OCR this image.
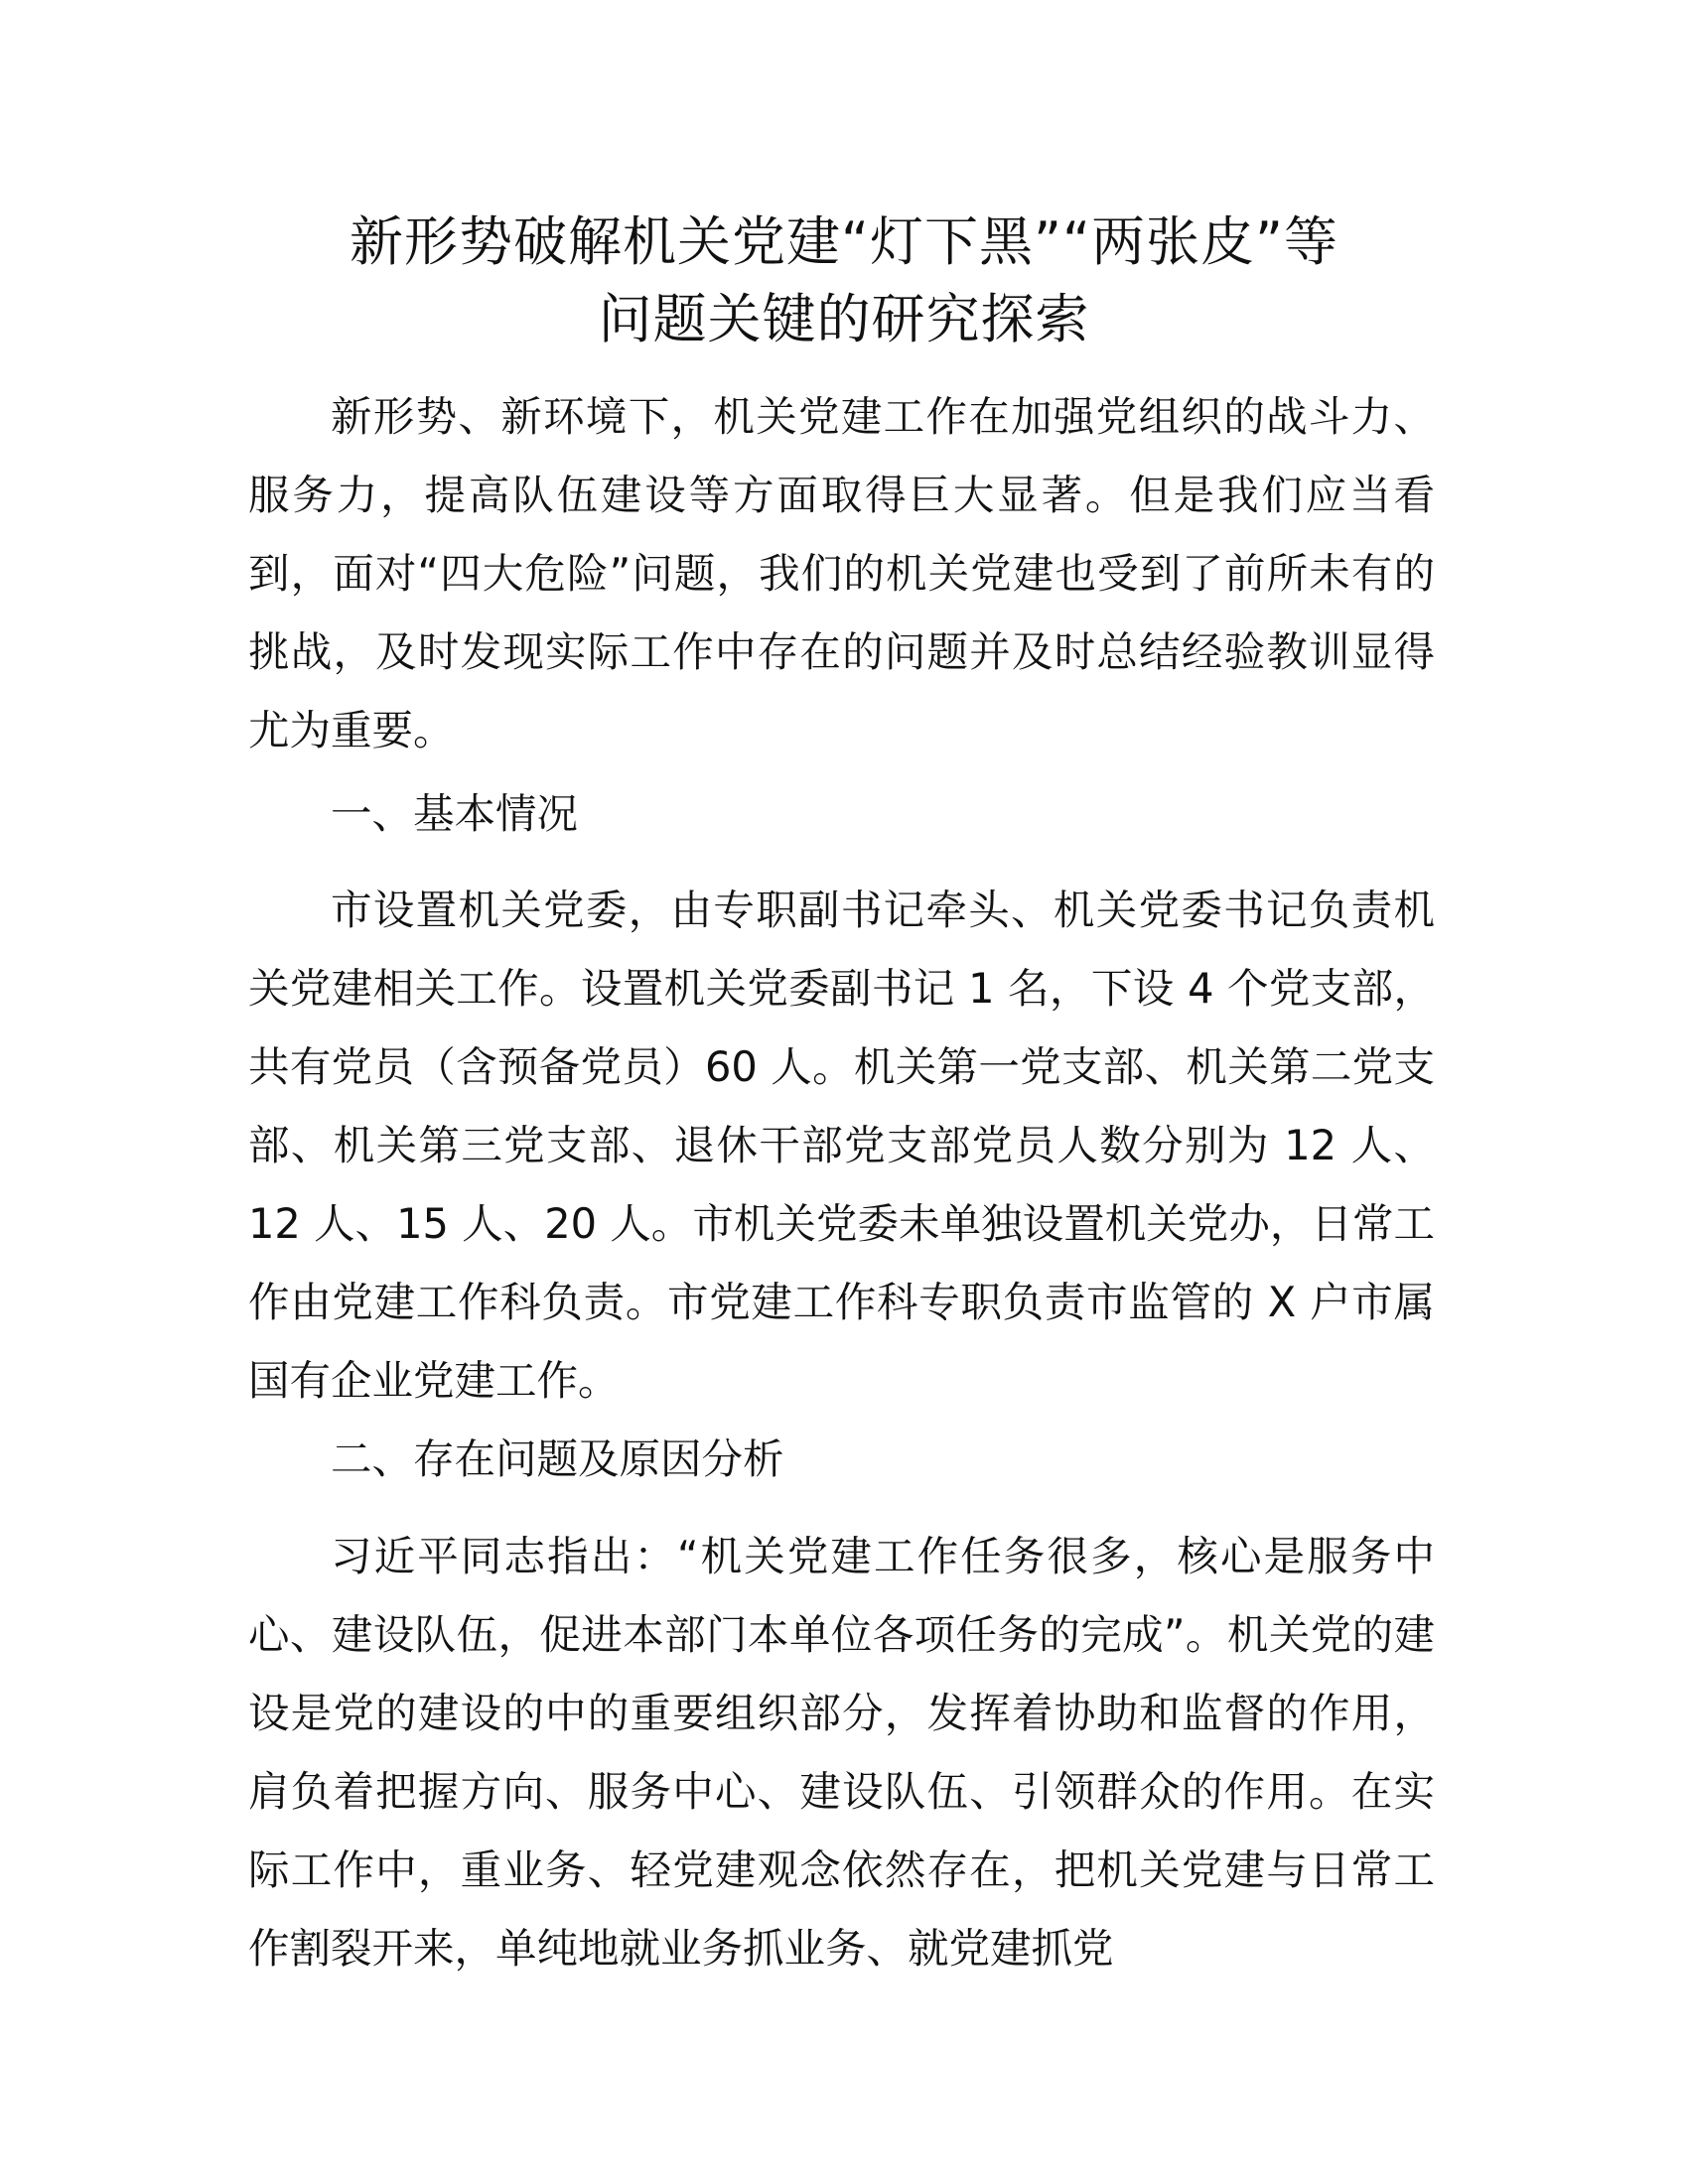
新形势破解机关党建“灯下黑”“两张皮”等
问题关键的研究探索

新形势、新环境下，机关党建工作在加强党组织的战斗力、服务力，提高队伍建设等方面取得巨大显著。但是我们应当看到，面对“四大危险”问题，我们的机关党建也受到了前所未有的挑战，及时发现实际工作中存在的问题并及时总结经验教训显得尤为重要。

一、基本情况

市设置机关党委，由专职副书记牵头、机关党委书记负责机关党建相关工作。设置机关党委副书记 1 名，下设 4 个党支部，共有党员（含预备党员）60 人。机关第一党支部、机关第二党支部、机关第三党支部、退休干部党支部党员人数分别为 12 人、12 人、15 人、20 人。市机关党委未单独设置机关党办，日常工作由党建工作科负责。市党建工作科专职负责市监管的 X 户市属国有企业党建工作。

二、存在问题及原因分析

习近平同志指出：“机关党建工作任务很多，核心是服务中心、建设队伍，促进本部门本单位各项任务的完成”。机关党的建设是党的建设的中的重要组织部分，发挥着协助和监督的作用，肩负着把握方向、服务中心、建设队伍、引领群众的作用。在实际工作中，重业务、轻党建观念依然存在，把机关党建与日常工作割裂开来，单纯地就业务抓业务、就党建抓党
